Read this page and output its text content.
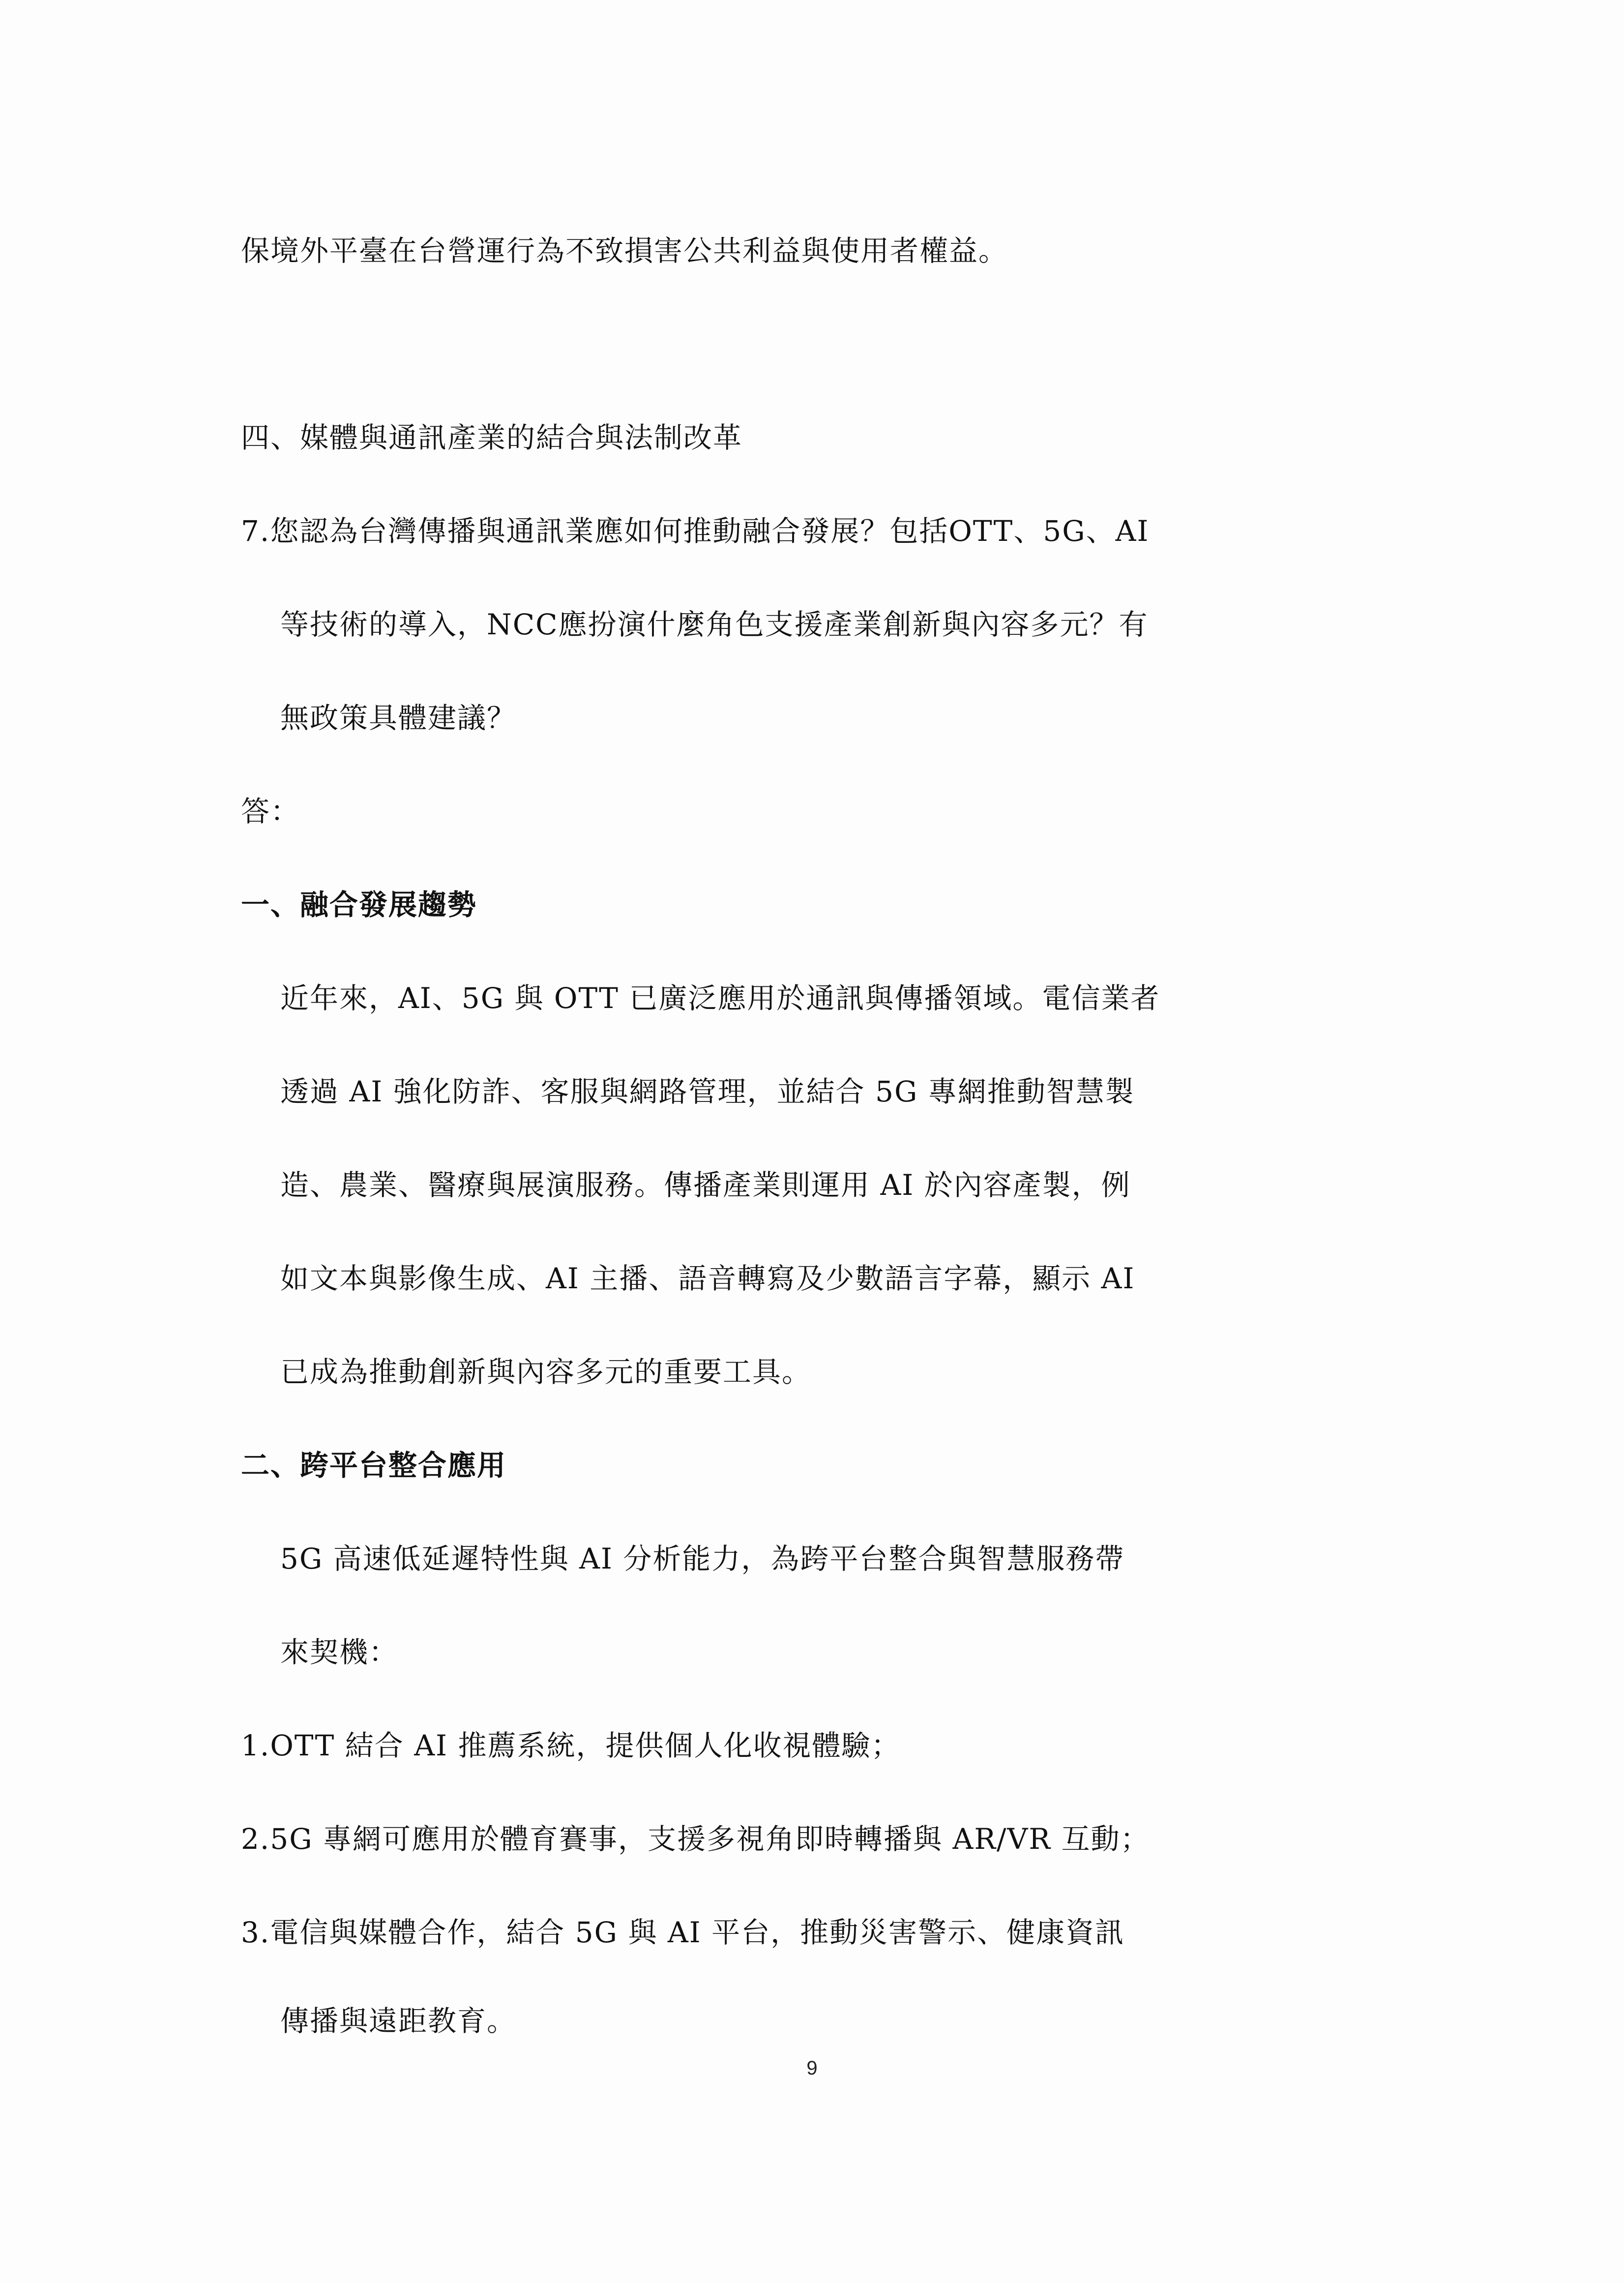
保境外平臺在台營運行為不致損害公共利益與使用者權益。
四、媒體與通訊產業的結合與法制改革
7.您認為台灣傳播與通訊業應如何推動融合發展？包括OTT、5G、AI
等技術的導入，NCC應扮演什麼角色支援產業創新與內容多元？有
無政策具體建議？
答：
一、融合發展趨勢
近年來，AI、5G 與 OTT 已廣泛應用於通訊與傳播領域。電信業者
透過 AI 強化防詐、客服與網路管理，並結合 5G 專網推動智慧製
造、農業、醫療與展演服務。傳播產業則運用 AI 於內容產製，例
如文本與影像生成、AI 主播、語音轉寫及少數語言字幕，顯示 AI
已成為推動創新與內容多元的重要工具。
二、跨平台整合應用
5G 高速低延遲特性與 AI 分析能力，為跨平台整合與智慧服務帶
來契機：
1.OTT 結合 AI 推薦系統，提供個人化收視體驗；
2.5G 專網可應用於體育賽事，支援多視角即時轉播與 AR/VR 互動；
3.電信與媒體合作，結合 5G 與 AI 平台，推動災害警示、健康資訊
傳播與遠距教育。
9
